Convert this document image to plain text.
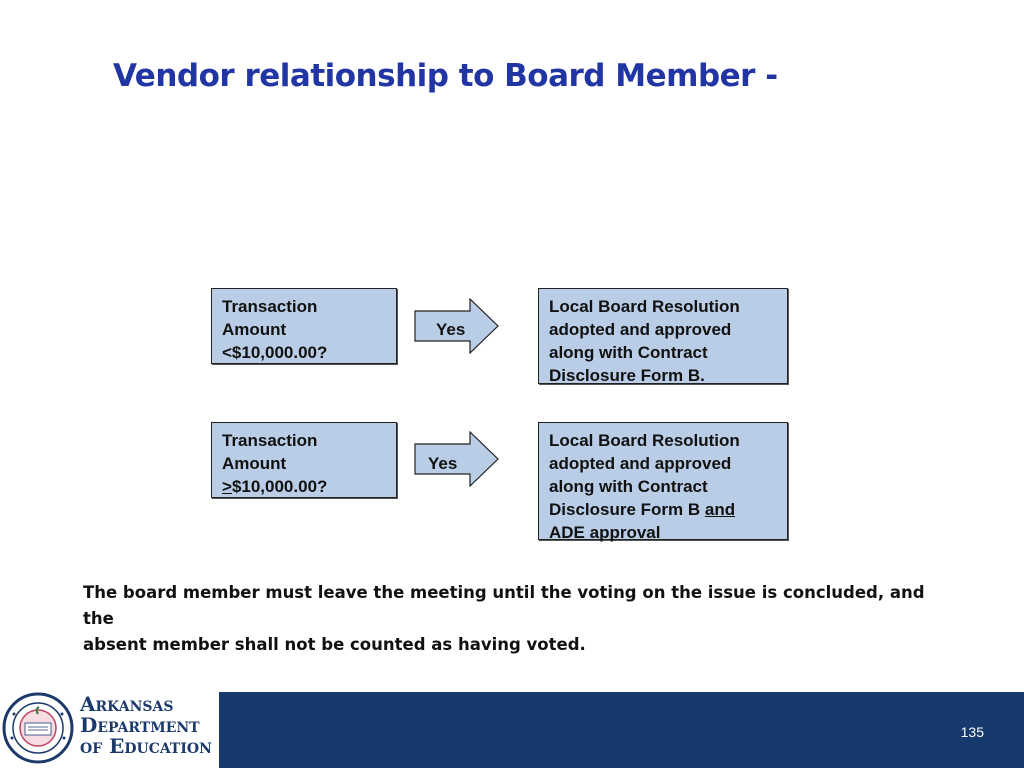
Vendor relationship to Board Member -
Transaction
Amount
<$10,000.00?
Yes
Local Board Resolution
adopted and approved
along with Contract
Disclosure Form B.
Transaction
Amount
≥$10,000.00?
Yes
Local Board Resolution
adopted and approved
along with Contract
Disclosure Form B and
ADE approval
The board member must leave the meeting until the voting on the issue is concluded, and the
absent member shall not be counted as having voted.
Arkansas
Department
of Education
135
